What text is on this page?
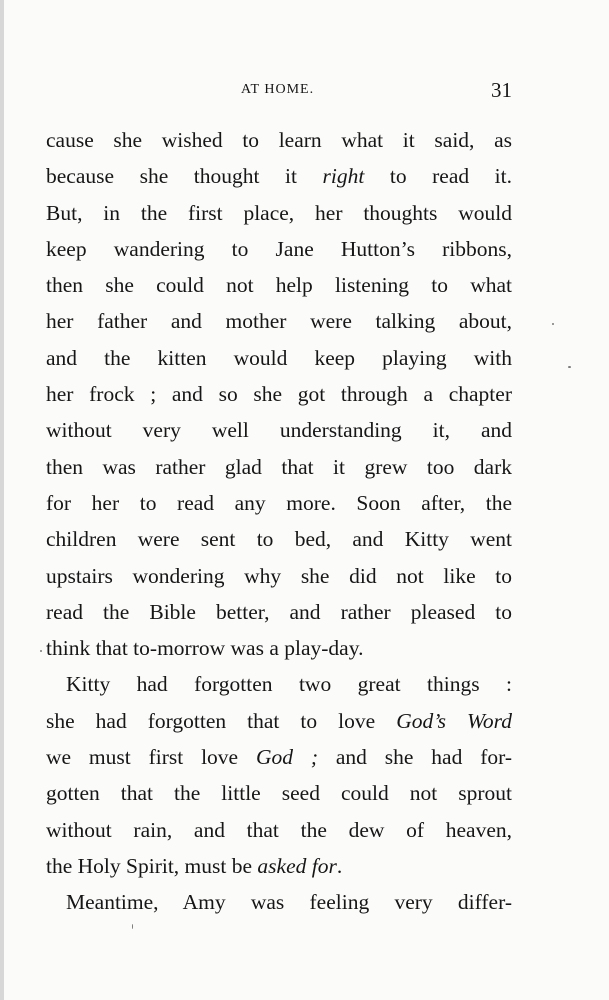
AT HOME.	31
cause she wished to learn what it said, as
because she thought it right to read it.
But, in the first place, her thoughts would
keep wandering to Jane Hutton’s ribbons,
then she could not help listening to what
her father and mother were talking about,
and the kitten would keep playing with
her frock ; and so she got through a chapter
without very well understanding it, and
then was rather glad that it grew too dark
for her to read any more. Soon after, the
children were sent to bed, and Kitty went
upstairs wondering why she did not like to
read the Bible better, and rather pleased to
think that to-morrow was a play-day.
Kitty had forgotten two great things :
she had forgotten that to love God’s Word
we must first love God ; and she had for-
gotten that the little seed could not sprout
without rain, and that the dew of heaven,
the Holy Spirit, must be asked for.
Meantime, Amy was feeling very differ-
